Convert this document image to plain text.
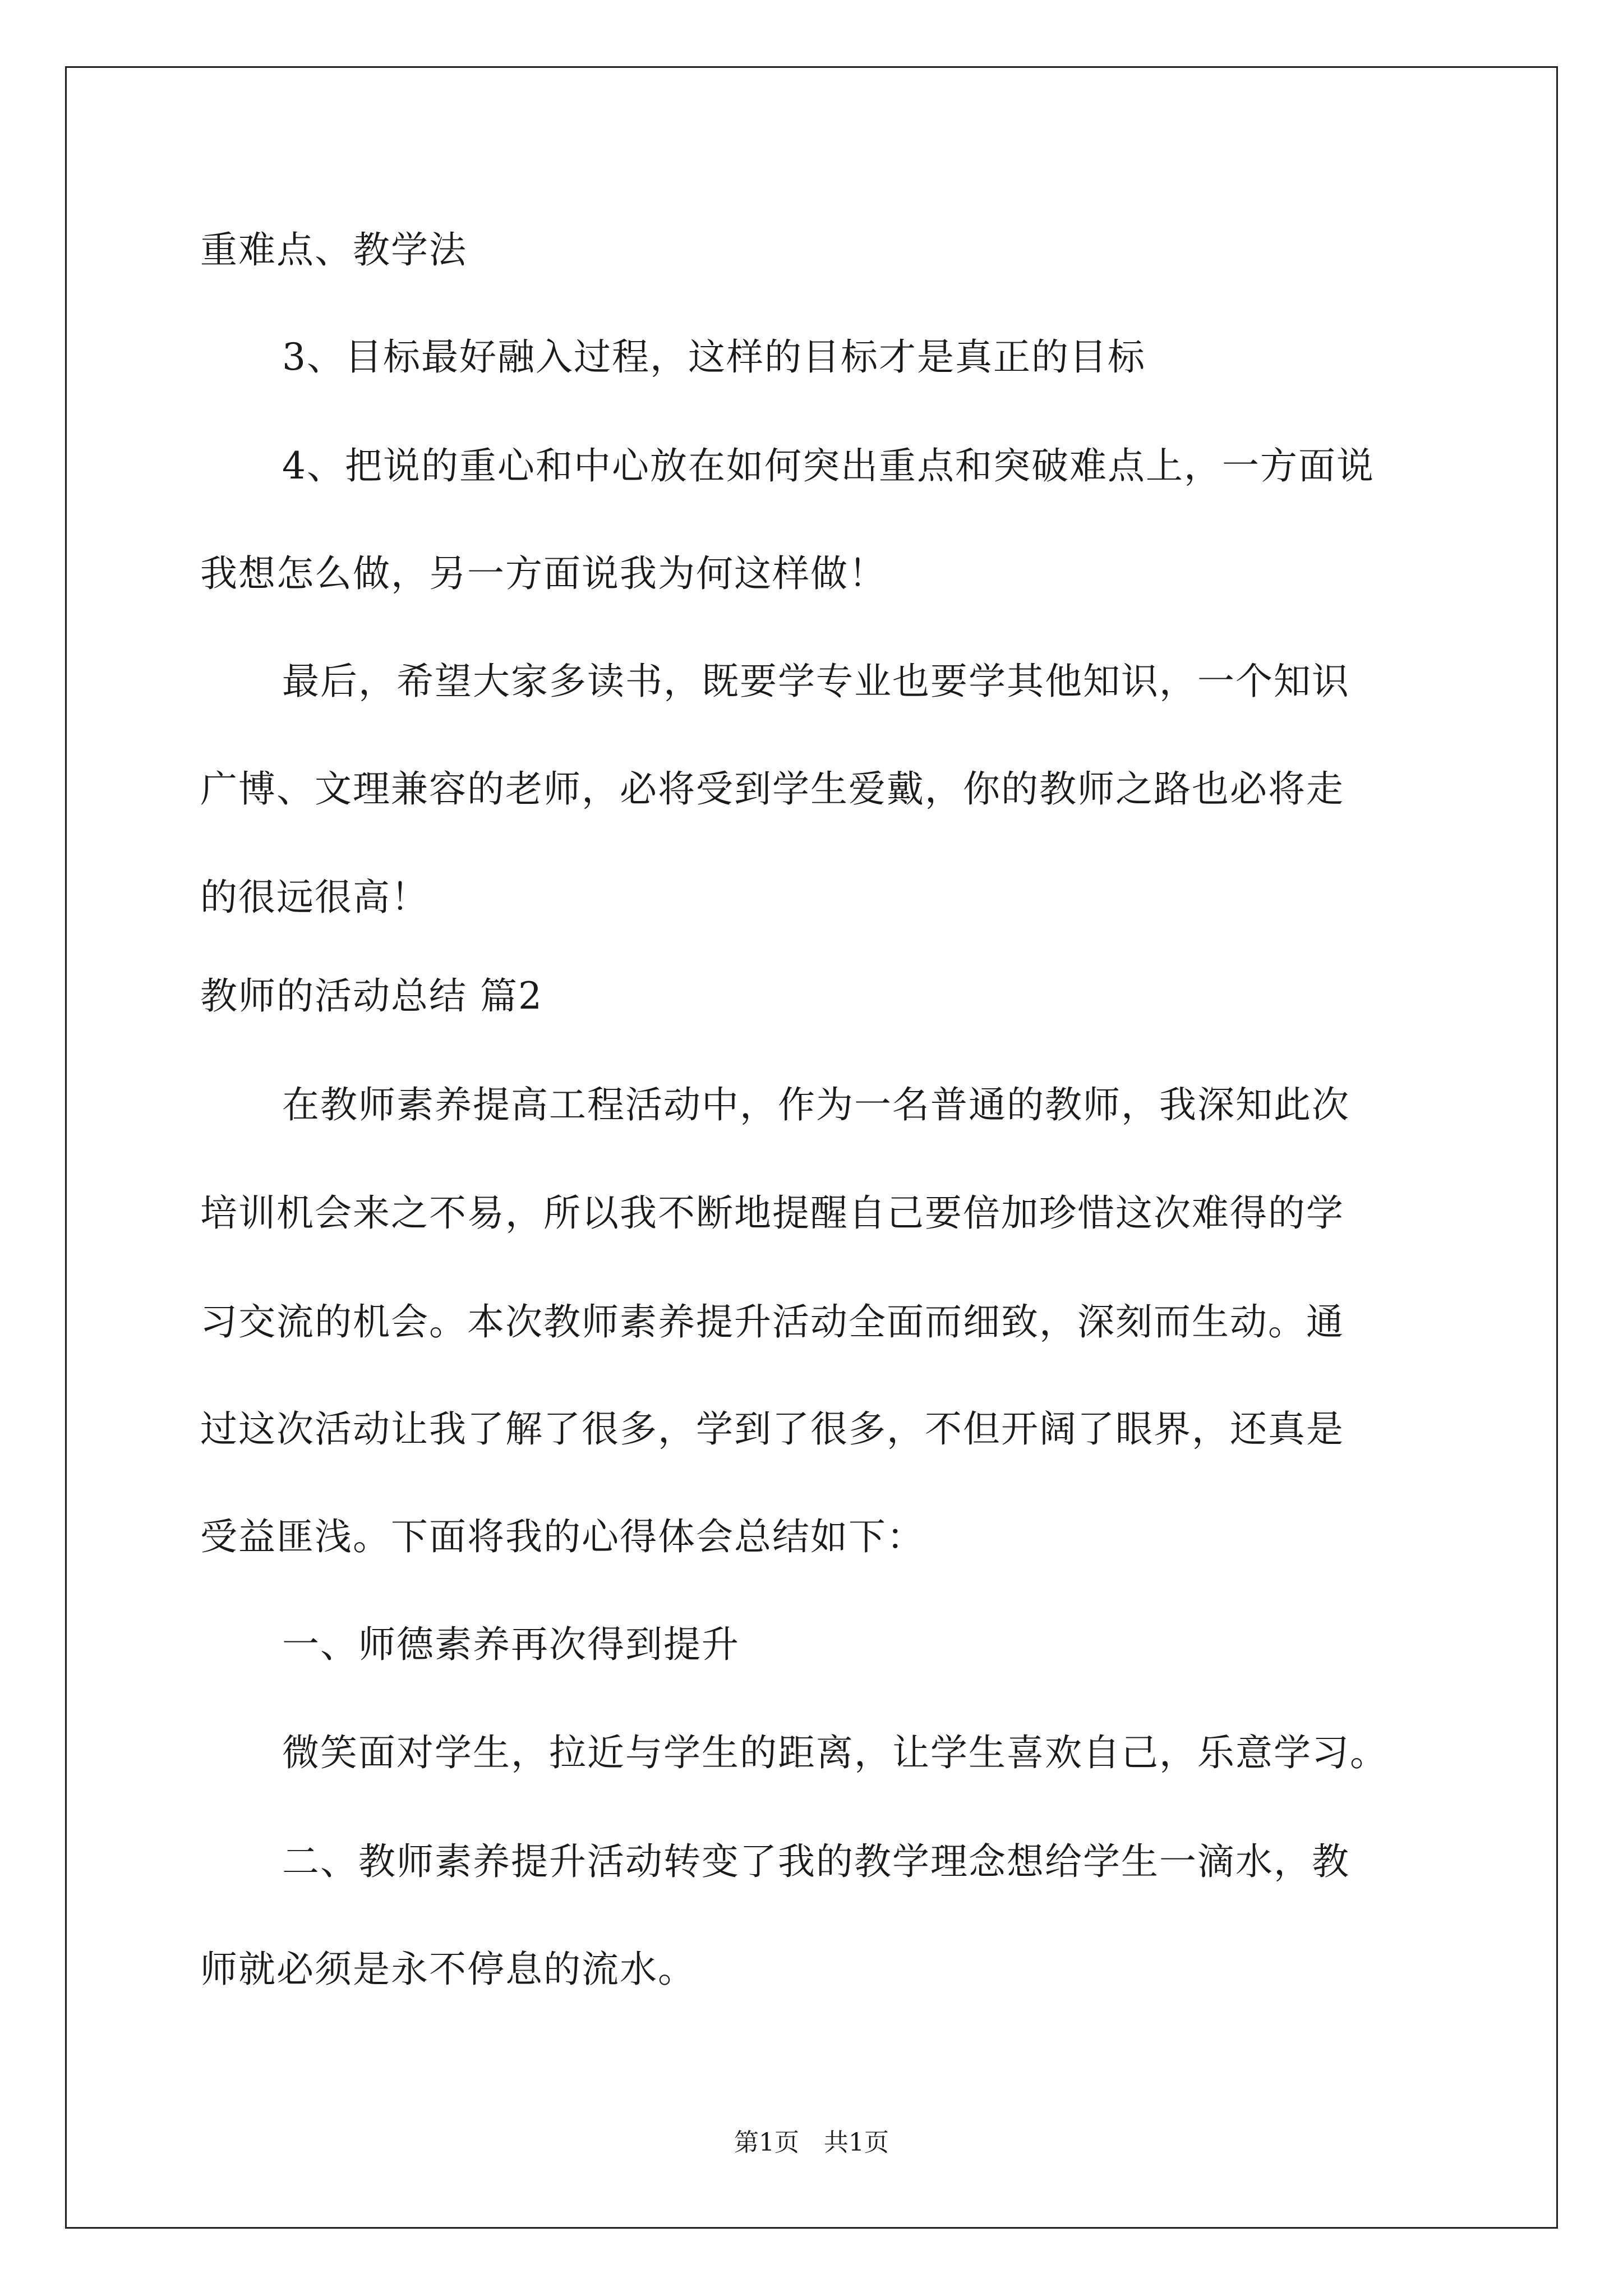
重难点、教学法
3、目标最好融入过程，这样的目标才是真正的目标
4、把说的重心和中心放在如何突出重点和突破难点上，一方面说
我想怎么做，另一方面说我为何这样做！
最后，希望大家多读书，既要学专业也要学其他知识，一个知识
广博、文理兼容的老师，必将受到学生爱戴，你的教师之路也必将走
的很远很高！
教师的活动总结 篇2
在教师素养提高工程活动中，作为一名普通的教师，我深知此次
培训机会来之不易，所以我不断地提醒自己要倍加珍惜这次难得的学
习交流的机会。本次教师素养提升活动全面而细致，深刻而生动。通
过这次活动让我了解了很多，学到了很多，不但开阔了眼界，还真是
受益匪浅。下面将我的心得体会总结如下：
一、师德素养再次得到提升
微笑面对学生，拉近与学生的距离，让学生喜欢自己，乐意学习。
二、教师素养提升活动转变了我的教学理念想给学生一滴水，教
师就必须是永不停息的流水。
第1页　共1页
